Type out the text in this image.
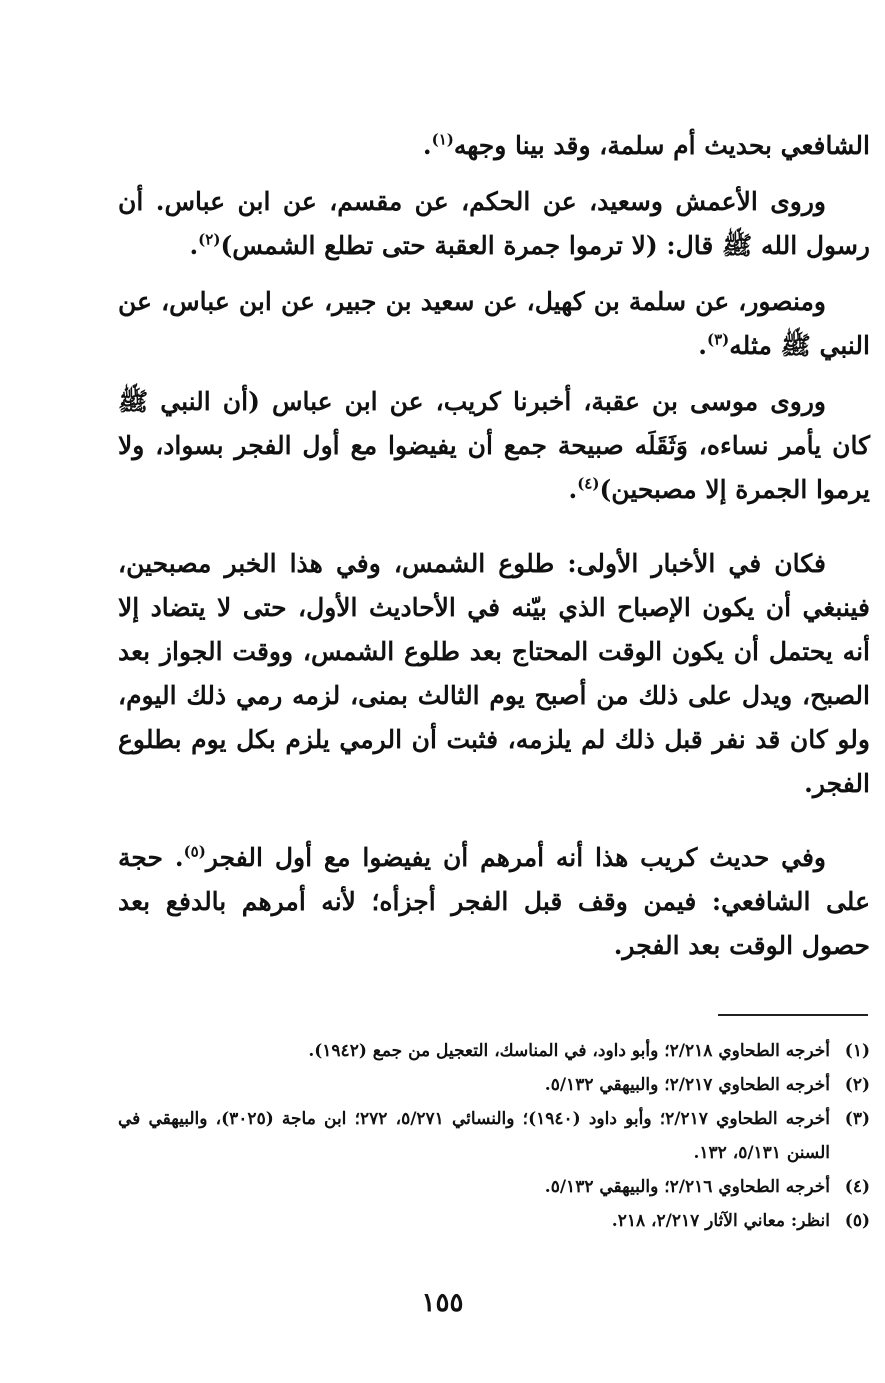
الشافعي بحديث أم سلمة، وقد بينا وجهه$^{(١)}$.

وروى الأعمش وسعيد، عن الحكم، عن مقسم، عن ابن عباس. أن رسول الله ﷺ قال: (لا ترموا جمرة العقبة حتى تطلع الشمس)$^{(٢)}$.

ومنصور، عن سلمة بن كهيل، عن سعيد بن جبير، عن ابن عباس، عن النبي ﷺ مثله$^{(٣)}$.

وروى موسى بن عقبة، أخبرنا كريب، عن ابن عباس (أن النبي ﷺ كان يأمر نساءه، وَثَقَلَه صبيحة جمع أن يفيضوا مع أول الفجر بسواد، ولا يرموا الجمرة إلا مصبحين)$^{(٤)}$.

فكان في الأخبار الأولى: طلوع الشمس، وفي هذا الخبر مصبحين، فينبغي أن يكون الإصباح الذي بيّنه في الأحاديث الأول، حتى لا يتضاد إلا أنه يحتمل أن يكون الوقت المحتاج بعد طلوع الشمس، ووقت الجواز بعد الصبح، ويدل على ذلك من أصبح يوم الثالث بمنى، لزمه رمي ذلك اليوم، ولو كان قد نفر قبل ذلك لم يلزمه، فثبت أن الرمي يلزم بكل يوم بطلوع الفجر.

وفي حديث كريب هذا أنه أمرهم أن يفيضوا مع أول الفجر$^{(٥)}$. حجة على الشافعي: فيمن وقف قبل الفجر أجزأه؛ لأنه أمرهم بالدفع بعد حصول الوقت بعد الفجر.

(١)
أخرجه الطحاوي ٢/٢١٨؛ وأبو داود، في المناسك، التعجيل من جمع (١٩٤٢).

(٢)
أخرجه الطحاوي ٢/٢١٧؛ والبيهقي ٥/١٣٢.

(٣)
أخرجه الطحاوي ٢/٢١٧؛ وأبو داود (١٩٤٠)؛ والنسائي ٥/٢٧١، ٢٧٢؛ ابن ماجة (٣٠٢٥)، والبيهقي في السنن ٥/١٣١، ١٣٢.

(٤)
أخرجه الطحاوي ٢/٢١٦؛ والبيهقي ٥/١٣٢.

(٥)
انظر: معاني الآثار ٢/٢١٧، ٢١٨.

١٥٥
